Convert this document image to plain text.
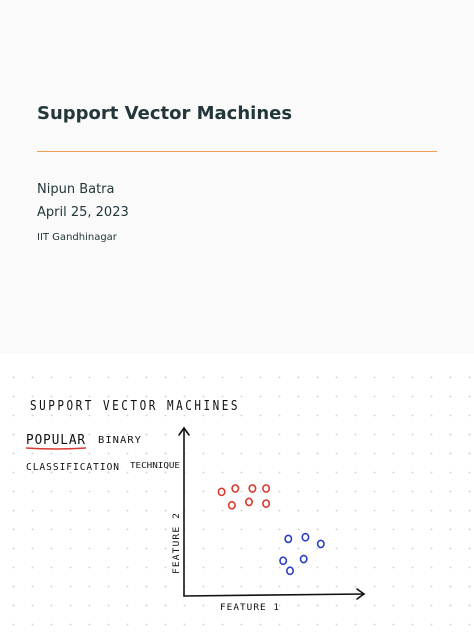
Support Vector Machines
Nipun Batra
April 25, 2023
IIT Gandhinagar
SUPPORT VECTOR MACHINES
POPULAR BINARY
CLASSIFICATION TECHNIQUE
FEATURE 1
FEATURE 2
